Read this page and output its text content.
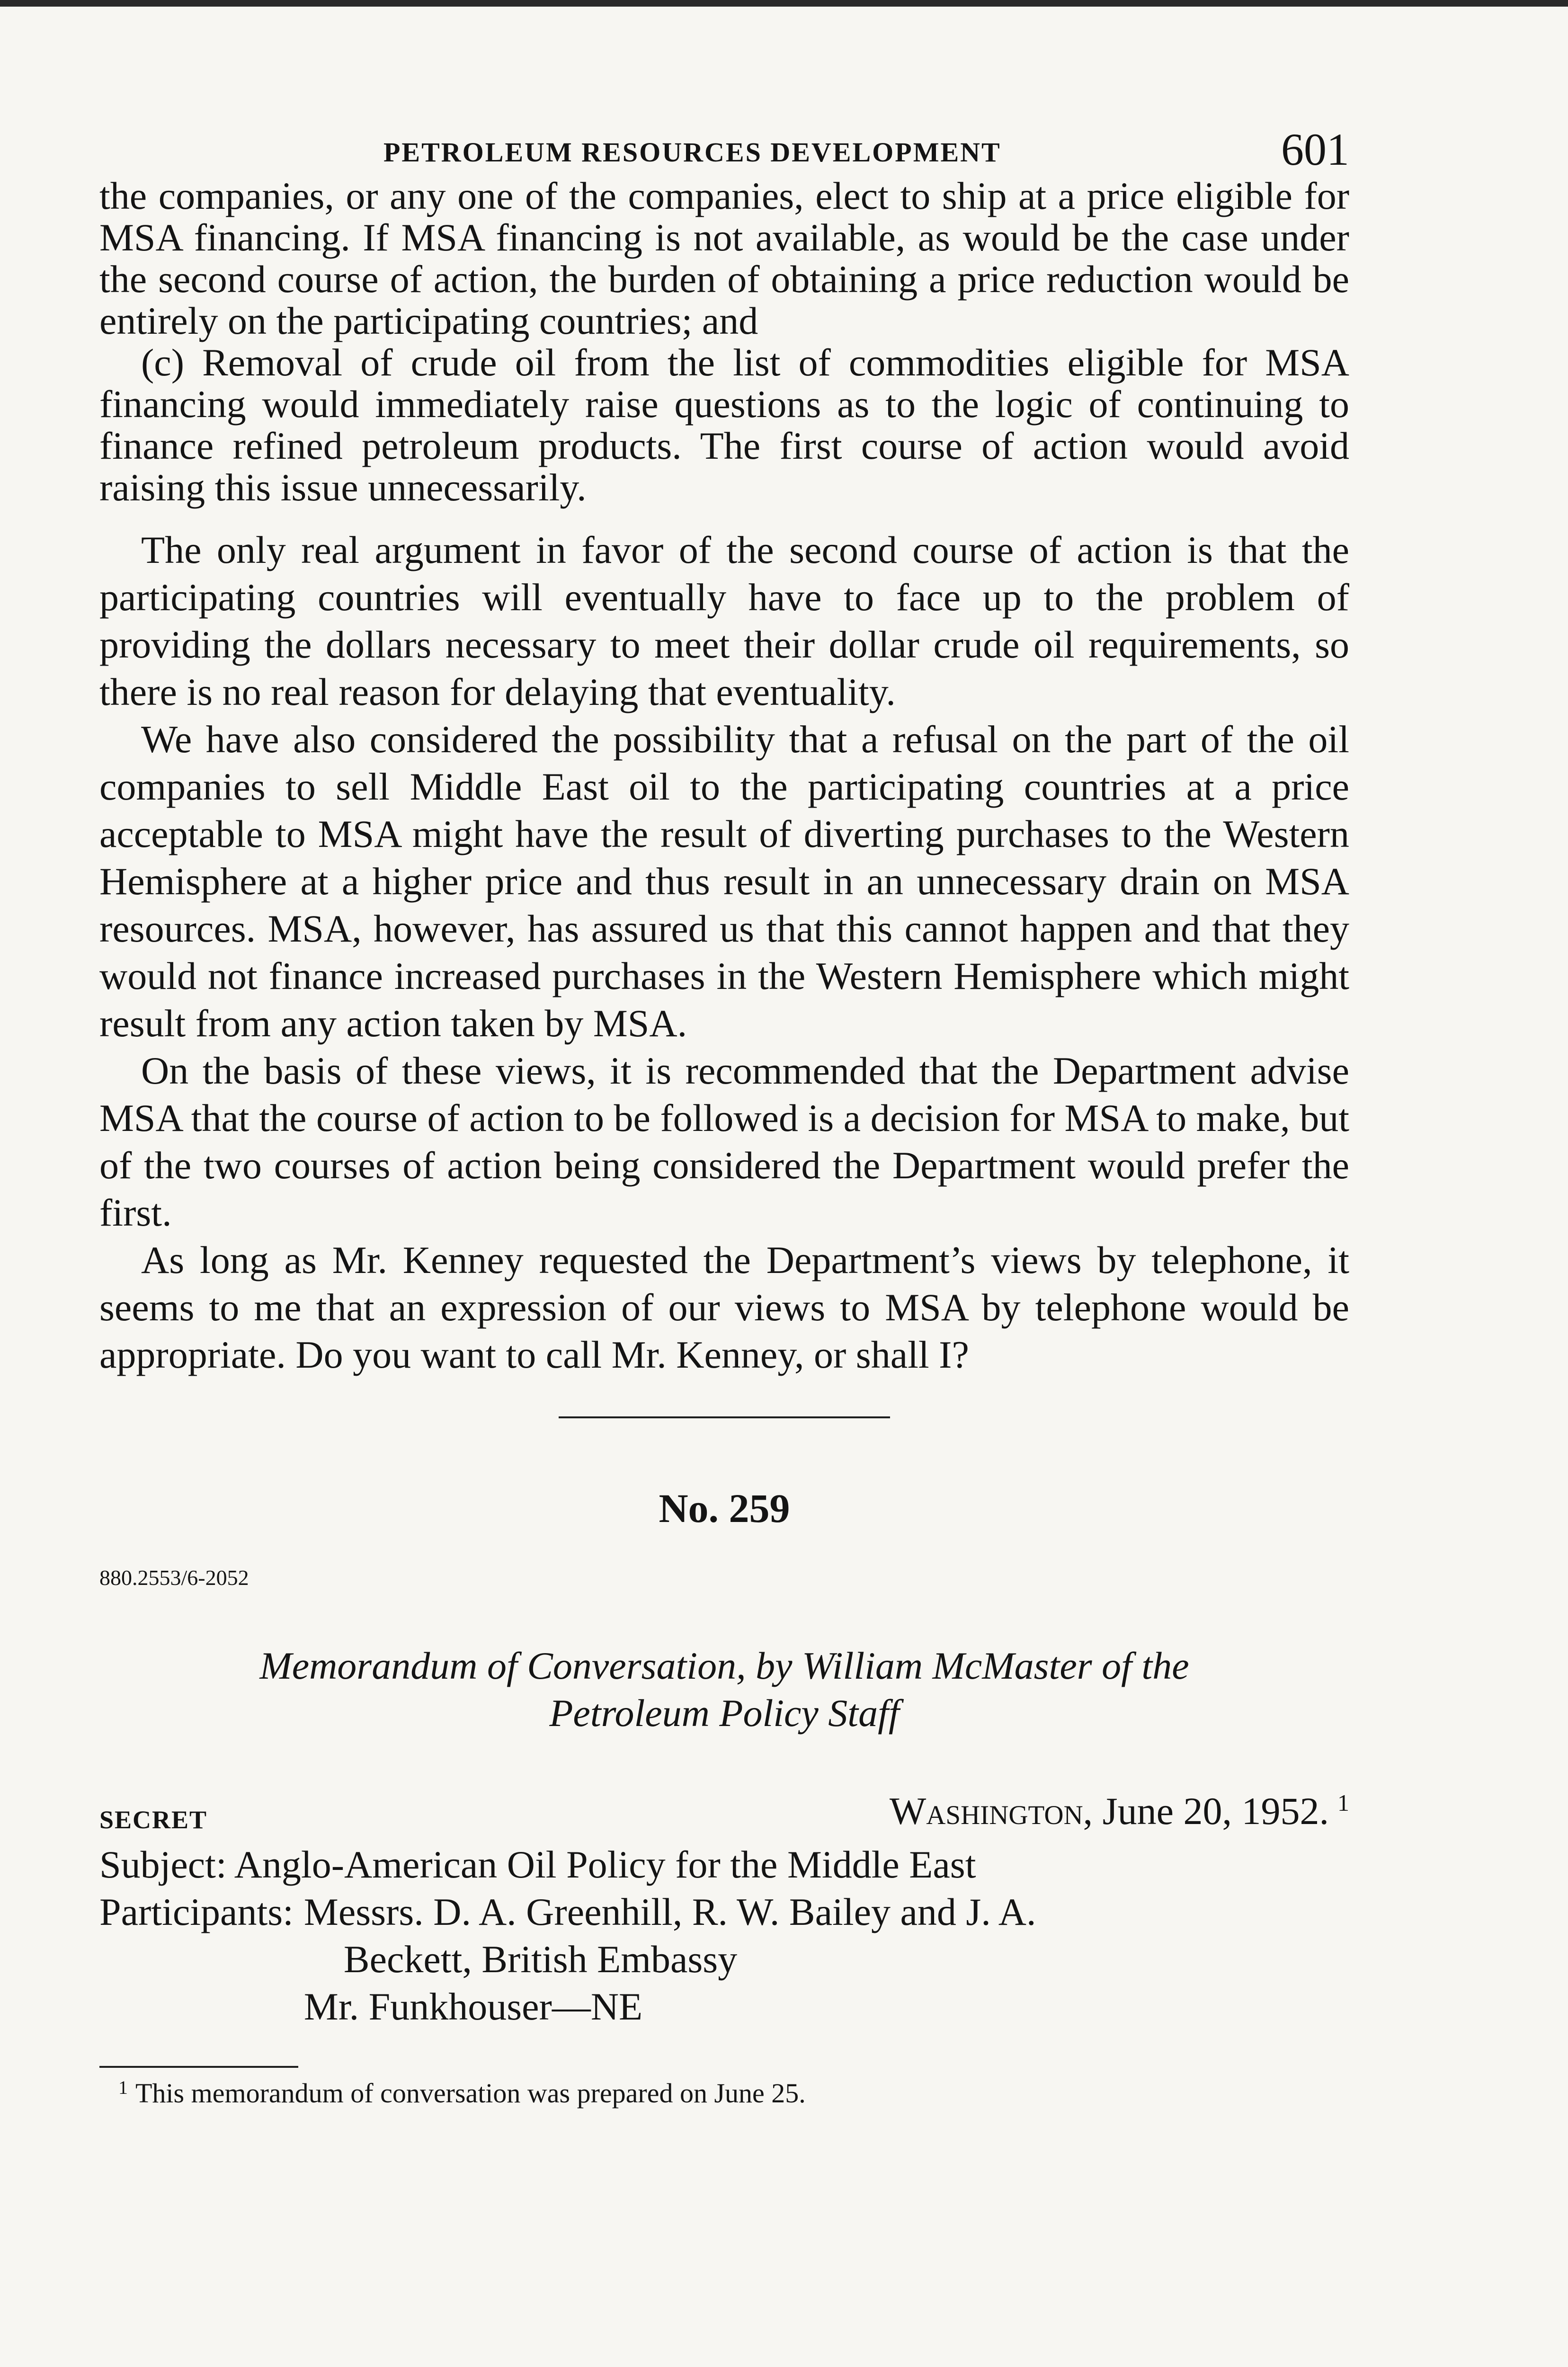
PETROLEUM RESOURCES DEVELOPMENT	601

the companies, or any one of the companies, elect to ship at a price eligible for MSA financing. If MSA financing is not available, as would be the case under the second course of action, the burden of obtaining a price reduction would be entirely on the participating countries; and

(c) Removal of crude oil from the list of commodities eligible for MSA financing would immediately raise questions as to the logic of continuing to finance refined petroleum products. The first course of action would avoid raising this issue unnecessarily.

The only real argument in favor of the second course of action is that the participating countries will eventually have to face up to the problem of providing the dollars necessary to meet their dollar crude oil requirements, so there is no real reason for delaying that eventuality.

We have also considered the possibility that a refusal on the part of the oil companies to sell Middle East oil to the participating countries at a price acceptable to MSA might have the result of diverting purchases to the Western Hemisphere at a higher price and thus result in an unnecessary drain on MSA resources. MSA, however, has assured us that this cannot happen and that they would not finance increased purchases in the Western Hemisphere which might result from any action taken by MSA.

On the basis of these views, it is recommended that the Department advise MSA that the course of action to be followed is a decision for MSA to make, but of the two courses of action being considered the Department would prefer the first.

As long as Mr. Kenney requested the Department’s views by telephone, it seems to me that an expression of our views to MSA by telephone would be appropriate. Do you want to call Mr. Kenney, or shall I?

No. 259
880.2553/6-2052
Memorandum of Conversation, by William McMaster of the
Petroleum Policy Staff
SECRET	Washington, June 20, 1952. $^1$
Subject: Anglo-American Oil Policy for the Middle East
Participants: Messrs. D. A. Greenhill, R. W. Bailey and J. A.
Beckett, British Embassy
Mr. Funkhouser—NE
$^1$ This memorandum of conversation was prepared on June 25.
